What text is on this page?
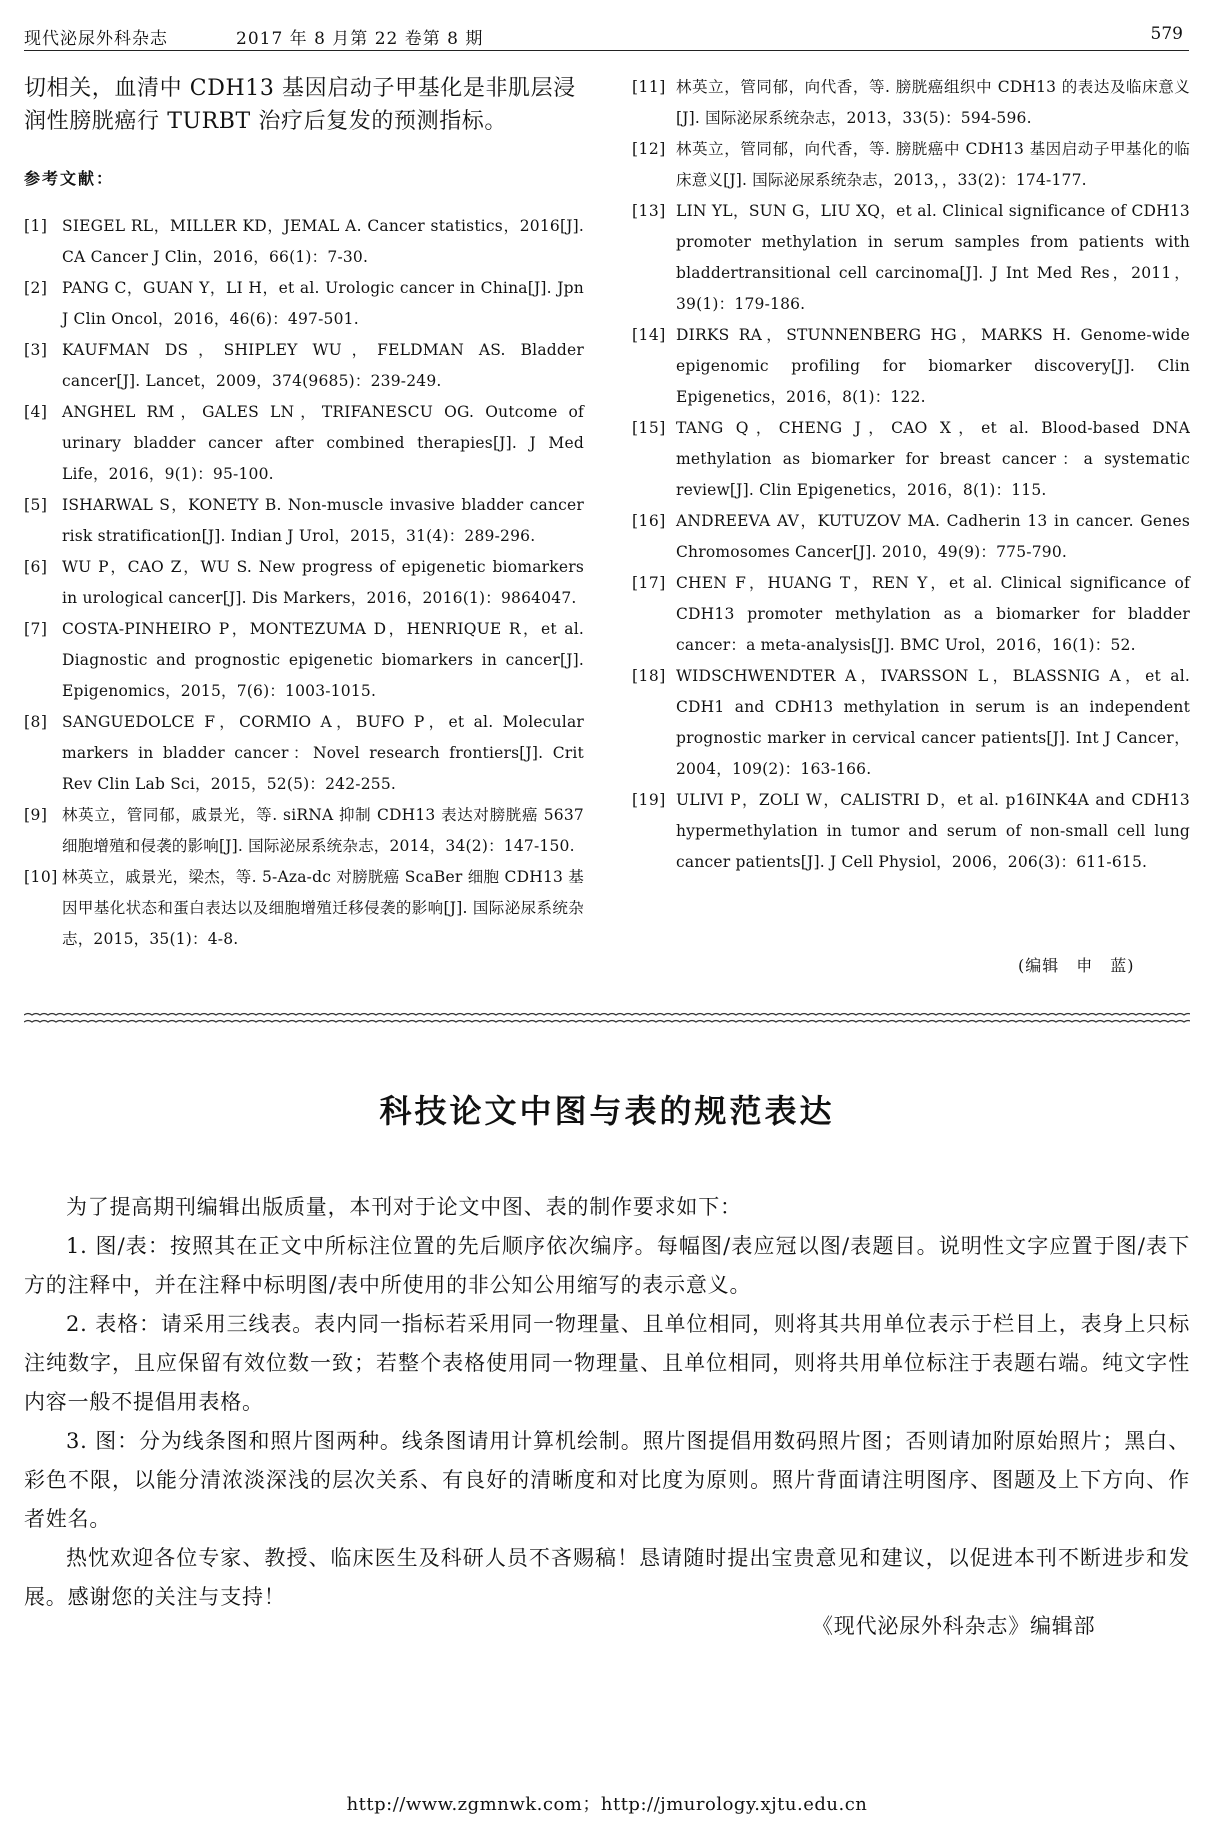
现代泌尿外科杂志	2017 年 8 月第 22 卷第 8 期	579

切相关，血清中 CDH13 基因启动子甲基化是非肌层浸润性膀胱癌行 TURBT 治疗后复发的预测指标。

参考文献：
[1] SIEGEL RL，MILLER KD，JEMAL A. Cancer statistics，2016[J]. CA Cancer J Clin，2016，66(1)：7-30.
[2] PANG C，GUAN Y，LI H，et al. Urologic cancer in China[J]. Jpn J Clin Oncol，2016，46(6)：497-501.
[3] KAUFMAN DS，SHIPLEY WU，FELDMAN AS. Bladder cancer[J]. Lancet，2009，374(9685)：239-249.
[4] ANGHEL RM，GALES LN，TRIFANESCU OG. Outcome of urinary bladder cancer after combined therapies[J]. J Med Life，2016，9(1)：95-100.
[5] ISHARWAL S，KONETY B. Non-muscle invasive bladder cancer risk stratification[J]. Indian J Urol，2015，31(4)：289-296.
[6] WU P，CAO Z，WU S. New progress of epigenetic biomarkers in urological cancer[J]. Dis Markers，2016，2016(1)：9864047.
[7] COSTA-PINHEIRO P，MONTEZUMA D，HENRIQUE R，et al. Diagnostic and prognostic epigenetic biomarkers in cancer[J]. Epigenomics，2015，7(6)：1003-1015.
[8] SANGUEDOLCE F，CORMIO A，BUFO P，et al. Molecular markers in bladder cancer：Novel research frontiers[J]. Crit Rev Clin Lab Sci，2015，52(5)：242-255.
[9] 林英立，管同郁，戚景光，等. siRNA 抑制 CDH13 表达对膀胱癌 5637 细胞增殖和侵袭的影响[J]. 国际泌尿系统杂志，2014，34(2)：147-150.
[10] 林英立，戚景光，梁杰，等. 5-Aza-dc 对膀胱癌 ScaBer 细胞 CDH13 基因甲基化状态和蛋白表达以及细胞增殖迁移侵袭的影响[J]. 国际泌尿系统杂志，2015，35(1)：4-8.
[11] 林英立，管同郁，向代香，等. 膀胱癌组织中 CDH13 的表达及临床意义[J]. 国际泌尿系统杂志，2013，33(5)：594-596.
[12] 林英立，管同郁，向代香，等. 膀胱癌中 CDH13 基因启动子甲基化的临床意义[J]. 国际泌尿系统杂志，2013，，33(2)：174-177.
[13] LIN YL，SUN G，LIU XQ，et al. Clinical significance of CDH13 promoter methylation in serum samples from patients with bladdertransitional cell carcinoma[J]. J Int Med Res，2011，39(1)：179-186.
[14] DIRKS RA，STUNNENBERG HG，MARKS H. Genome-wide epigenomic profiling for biomarker discovery[J]. Clin Epigenetics，2016，8(1)：122.
[15] TANG Q，CHENG J，CAO X，et al. Blood-based DNA methylation as biomarker for breast cancer：a systematic review[J]. Clin Epigenetics，2016，8(1)：115.
[16] ANDREEVA AV，KUTUZOV MA. Cadherin 13 in cancer. Genes Chromosomes Cancer[J]. 2010，49(9)：775-790.
[17] CHEN F，HUANG T，REN Y，et al. Clinical significance of CDH13 promoter methylation as a biomarker for bladder cancer：a meta-analysis[J]. BMC Urol，2016，16(1)：52.
[18] WIDSCHWENDTER A，IVARSSON L，BLASSNIG A，et al. CDH1 and CDH13 methylation in serum is an independent prognostic marker in cervical cancer patients[J]. Int J Cancer，2004，109(2)：163-166.
[19] ULIVI P，ZOLI W，CALISTRI D，et al. p16INK4A and CDH13 hypermethylation in tumor and serum of non-small cell lung cancer patients[J]. J Cell Physiol，2006，206(3)：611-615.
(编辑　申　蓝)
科技论文中图与表的规范表达

为了提高期刊编辑出版质量，本刊对于论文中图、表的制作要求如下：

1. 图/表：按照其在正文中所标注位置的先后顺序依次编序。每幅图/表应冠以图/表题目。说明性文字应置于图/表下方的注释中，并在注释中标明图/表中所使用的非公知公用缩写的表示意义。

2. 表格：请采用三线表。表内同一指标若采用同一物理量、且单位相同，则将其共用单位表示于栏目上，表身上只标注纯数字，且应保留有效位数一致；若整个表格使用同一物理量、且单位相同，则将共用单位标注于表题右端。纯文字性内容一般不提倡用表格。

3. 图：分为线条图和照片图两种。线条图请用计算机绘制。照片图提倡用数码照片图；否则请加附原始照片；黑白、彩色不限，以能分清浓淡深浅的层次关系、有良好的清晰度和对比度为原则。照片背面请注明图序、图题及上下方向、作者姓名。

热忱欢迎各位专家、教授、临床医生及科研人员不吝赐稿！恳请随时提出宝贵意见和建议，以促进本刊不断进步和发展。感谢您的关注与支持！

《现代泌尿外科杂志》编辑部
http://www.zgmnwk.com；http://jmurology.xjtu.edu.cn
